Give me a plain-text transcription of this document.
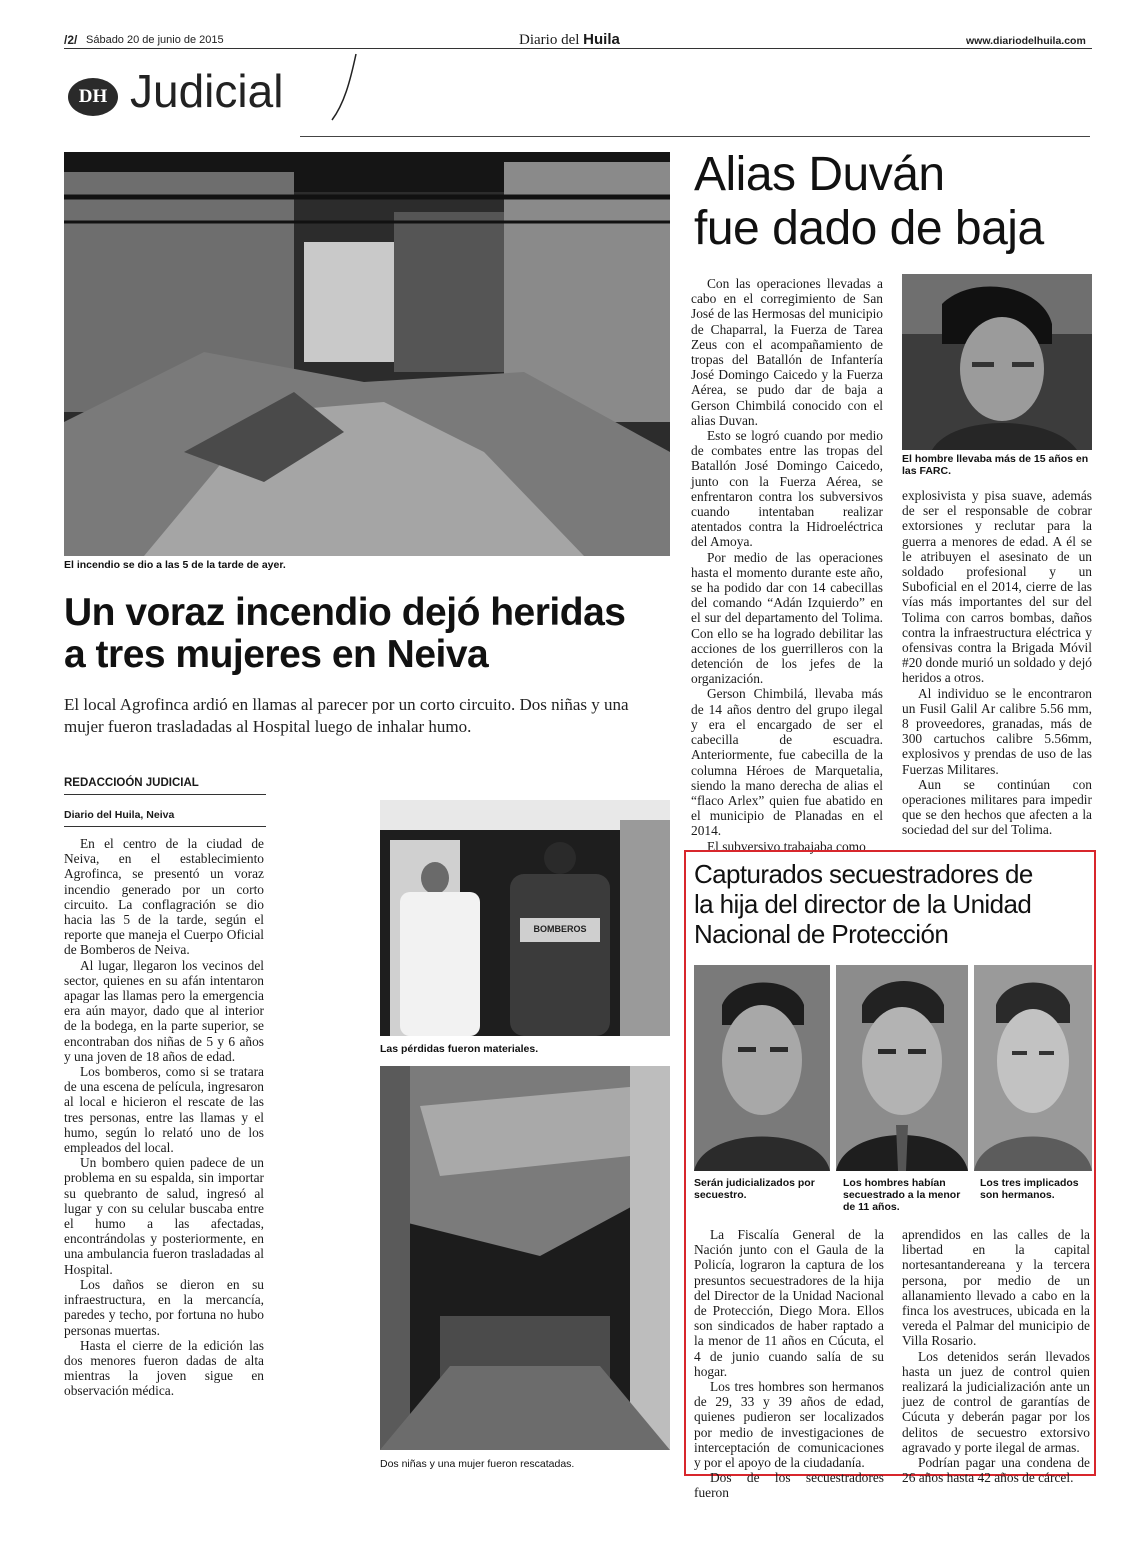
/2/ Sábado 20 de junio de 2015	Diario del Huila	www.diariodelhuila.com
DH Judicial
El incendio se dio a las 5 de la tarde de ayer.
Un voraz incendio dejó heridas
a tres mujeres en Neiva
El local Agrofinca ardió en llamas al parecer por un corto circuito. Dos niñas y una mujer fueron trasladadas al Hospital luego de inhalar humo.
REDACCIOÓN JUDICIAL
Diario del Huila, Neiva

En el centro de la ciudad de Neiva, en el establecimiento Agrofinca, se presentó un voraz incendio generado por un corto circuito. La conflagración se dio hacia las 5 de la tarde, según el reporte que maneja el Cuerpo Oficial de Bomberos de Neiva.

Al lugar, llegaron los vecinos del sector, quienes en su afán intentaron apagar las llamas pero la emergencia era aún mayor, dado que al interior de la bodega, en la parte superior, se encontraban dos niñas de 5 y 6 años y una joven de 18 años de edad.

Los bomberos, como si se tratara de una escena de película, ingresaron al local e hicieron el rescate de las tres personas, entre las llamas y el humo, según lo relató uno de los empleados del local.

Un bombero quien padece de un problema en su espalda, sin importar su quebranto de salud, ingresó al lugar y con su celular buscaba entre el humo a las afectadas, encontrándolas y posteriormente, en una ambulancia fueron trasladadas al Hospital.

Los daños se dieron en su infraestructura, en la mercancía, paredes y techo, por fortuna no hubo personas muertas.

Hasta el cierre de la edición las dos menores fueron dadas de alta mientras la joven sigue en observación médica.

BOMBEROS
Las pérdidas fueron materiales.
Dos niñas y una mujer fueron rescatadas.
Alias Duván
fue dado de baja

Con las operaciones llevadas a cabo en el corregimiento de San José de las Hermosas del municipio de Chaparral, la Fuerza de Tarea Zeus con el acompañamiento de tropas del Batallón de Infantería José Domingo Caicedo y la Fuerza Aérea, se pudo dar de baja a Gerson Chimbilá conocido con el alias Duvan.

Esto se logró cuando por medio de combates entre las tropas del Batallón José Domingo Caicedo, junto con la Fuerza Aérea, se enfrentaron contra los subversivos cuando intentaban realizar atentados contra la Hidroeléctrica del Amoya.

Por medio de las operaciones hasta el momento durante este año, se ha podido dar con 14 cabecillas del comando “Adán Izquierdo” en el sur del departamento del Tolima. Con ello se ha logrado debilitar las acciones de los guerrilleros con la detención de los jefes de la organización.

Gerson Chimbilá, llevaba más de 14 años dentro del grupo ilegal y era el encargado de ser el cabecilla de escuadra. Anteriormente, fue cabecilla de la columna Héroes de Marquetalia, siendo la mano derecha de alias el “flaco Arlex” quien fue abatido en el municipio de Planadas en el 2014.

El subversivo trabajaba como

El hombre llevaba más de 15 años en las FARC.

explosivista y pisa suave, además de ser el responsable de cobrar extorsiones y reclutar para la guerra a menores de edad. A él se le atribuyen el asesinato de un soldado profesional y un Suboficial en el 2014, cierre de las vías más importantes del sur del Tolima con carros bombas, daños contra la infraestructura eléctrica y ofensivas contra la Brigada Móvil #20 donde murió un soldado y dejó heridos a otros.

Al individuo se le encontraron un Fusil Galil Ar calibre 5.56 mm, 8 proveedores, granadas, más de 300 cartuchos calibre 5.56mm, explosivos y prendas de uso de las Fuerzas Militares.

Aun se continúan con operaciones militares para impedir que se den hechos que afecten a la sociedad del sur del Tolima.

Capturados secuestradores de
la hija del director de la Unidad
Nacional de Protección
Serán judicializados por secuestro.
Los hombres habían secuestrado a la menor de 11 años.
Los tres implicados son hermanos.

La Fiscalía General de la Nación junto con el Gaula de la Policía, lograron la captura de los presuntos secuestradores de la hija del Director de la Unidad Nacional de Protección, Diego Mora. Ellos son sindicados de haber raptado a la menor de 11 años en Cúcuta, el 4 de junio cuando salía de su hogar.

Los tres hombres son hermanos de 29, 33 y 39 años de edad, quienes pudieron ser localizados por medio de investigaciones de interceptación de comunicaciones y por el apoyo de la ciudadanía.

Dos de los secuestradores fueron

aprendidos en las calles de la libertad en la capital nortesantandereana y la tercera persona, por medio de un allanamiento llevado a cabo en la finca los avestruces, ubicada en la vereda el Palmar del municipio de Villa Rosario.

Los detenidos serán llevados hasta un juez de control quien realizará la judicialización ante un juez de control de garantías de Cúcuta y deberán pagar por los delitos de secuestro extorsivo agravado y porte ilegal de armas.

Podrían pagar una condena de 26 años hasta 42 años de cárcel.
